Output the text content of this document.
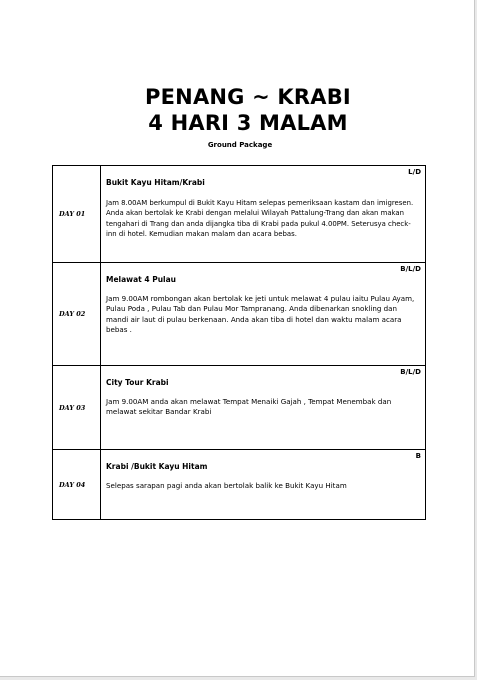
PENANG ~ KRABI
4 HARI 3 MALAM

Ground Package

DAY 01	L/D

Bukit Kayu Hitam/Krabi

Jam 8.00AM berkumpul di Bukit Kayu Hitam selepas pemeriksaan kastam dan imigresen. Anda akan bertolak ke Krabi dengan melalui Wilayah Pattalung-Trang dan akan makan tengahari di Trang dan anda dijangka tiba di Krabi pada pukul 4.00PM. Seterusya check-inn di hotel. Kemudian makan malam dan acara bebas.

DAY 02	B/L/D

Melawat 4 Pulau

Jam 9.00AM rombongan akan bertolak ke jeti untuk melawat 4 pulau iaitu Pulau Ayam, Pulau Poda , Pulau Tab dan Pulau Mor Tampranang. Anda dibenarkan snokling dan mandi air laut di pulau berkenaan. Anda akan tiba di hotel dan waktu malam acara bebas .

DAY 03	B/L/D

City Tour Krabi

Jam 9.00AM anda akan melawat Tempat Menaiki Gajah , Tempat Menembak dan melawat sekitar Bandar Krabi

DAY 04	B

Krabi /Bukit Kayu Hitam

Selepas sarapan pagi anda akan bertolak balik ke Bukit Kayu Hitam
